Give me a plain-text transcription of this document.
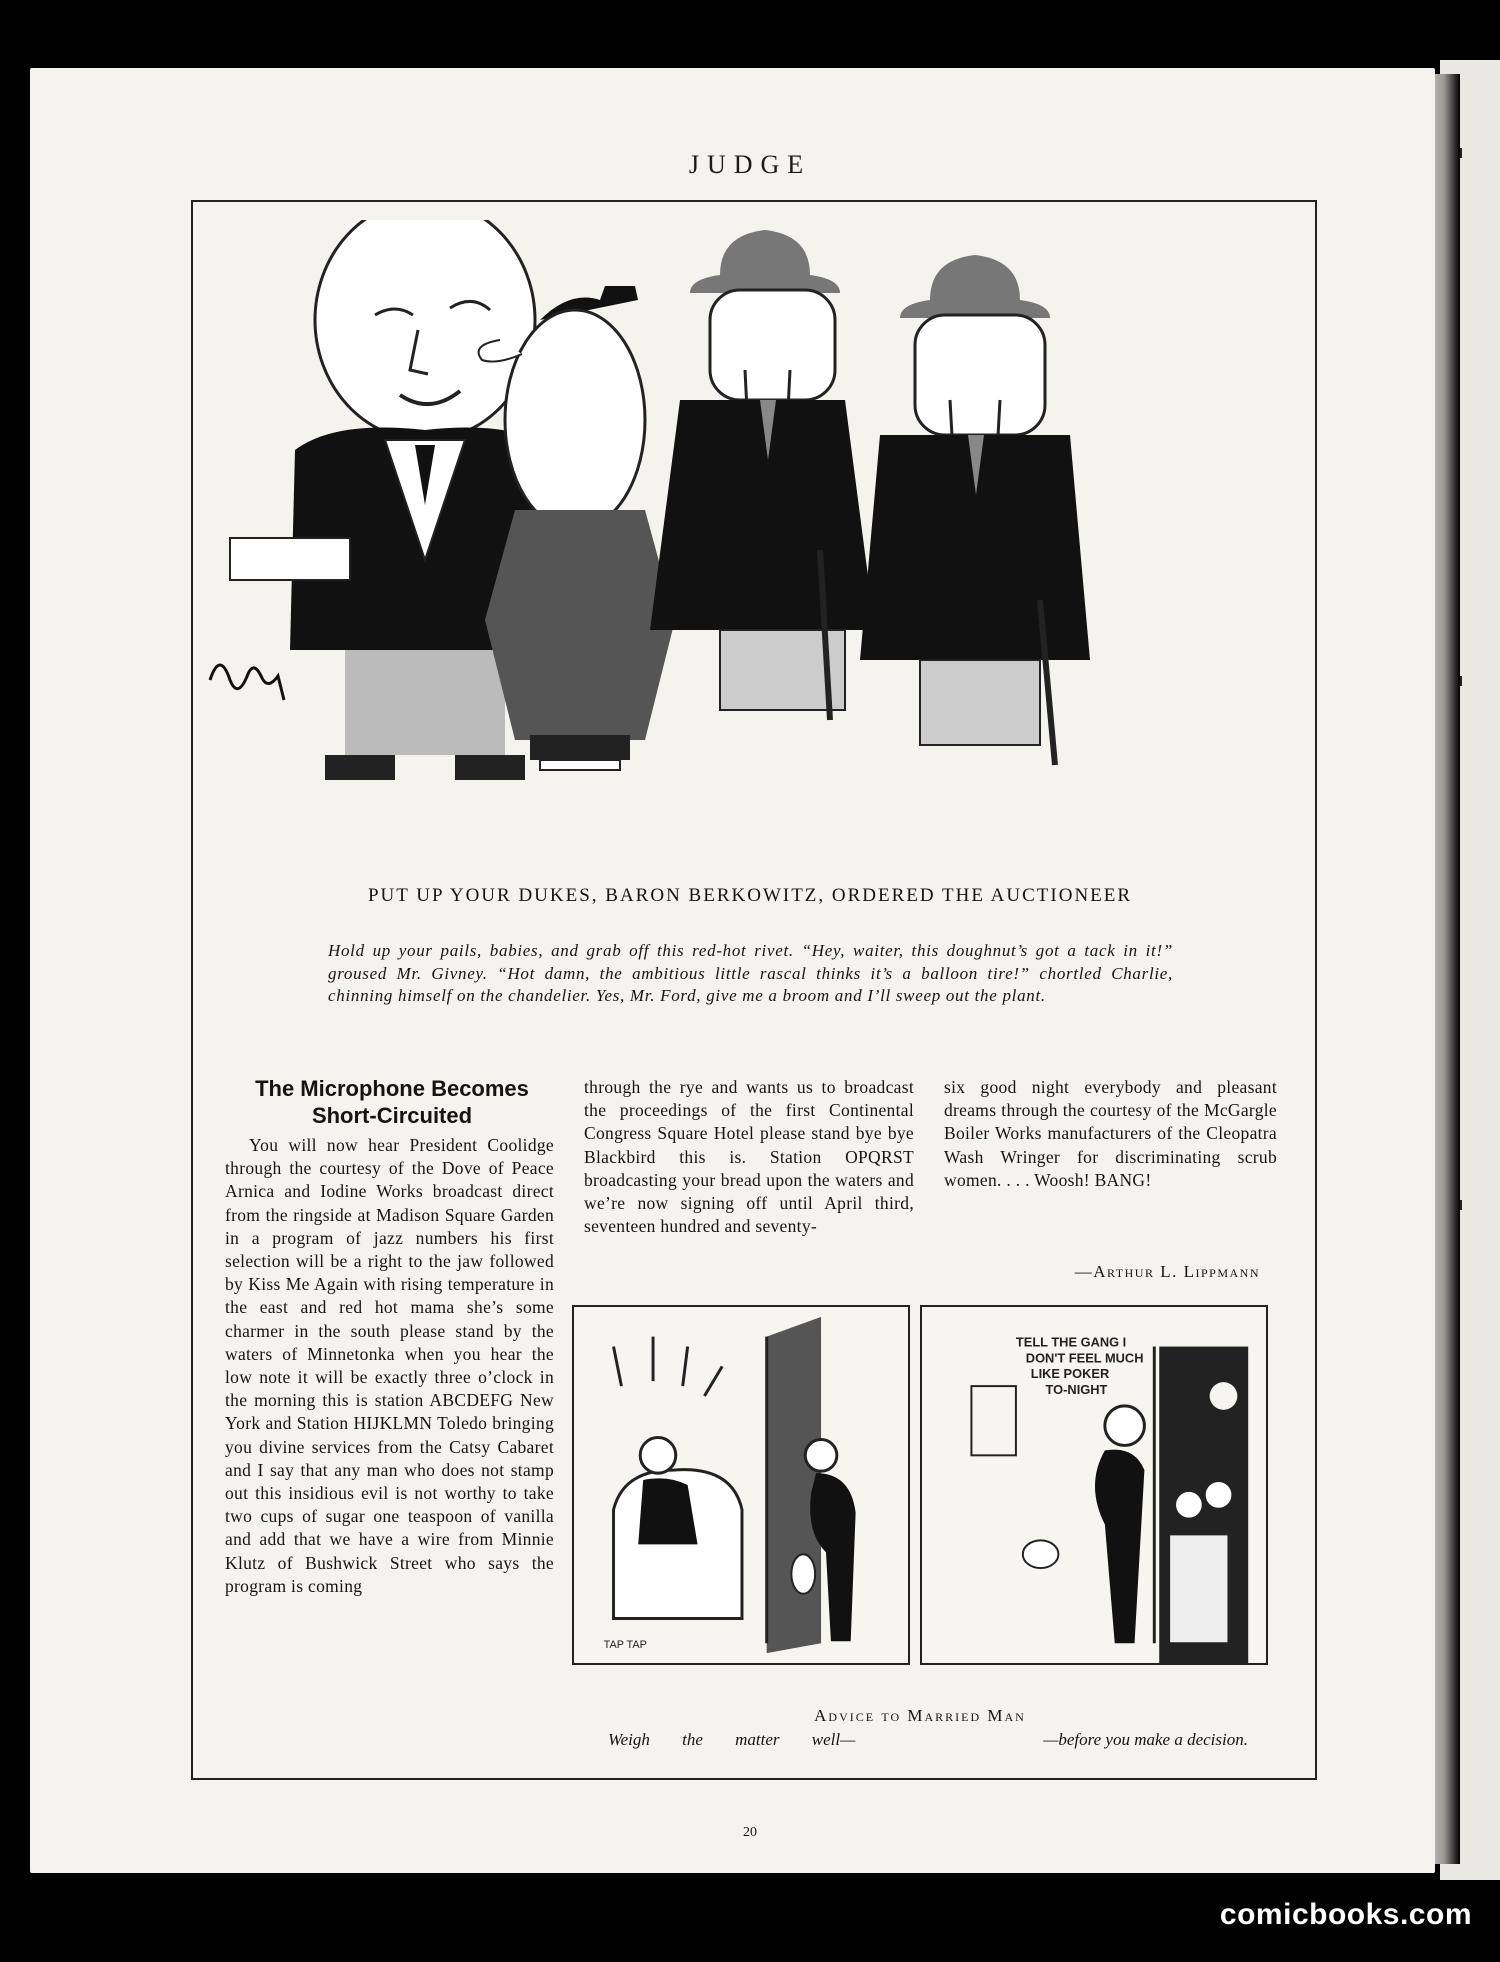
JUDGE
PUT UP YOUR DUKES, BARON BERKOWITZ, ORDERED THE AUCTIONEER
Hold up your pails, babies, and grab off this red-hot rivet. “Hey, waiter, this doughnut’s got a tack in it!” groused Mr. Givney. “Hot damn, the ambitious little rascal thinks it’s a balloon tire!” chortled Charlie, chinning himself on the chandelier. Yes, Mr. Ford, give me a broom and I’ll sweep out the plant.
The Microphone Becomes Short-Circuited
You will now hear President Coolidge through the courtesy of the Dove of Peace Arnica and Iodine Works broadcast direct from the ringside at Madison Square Garden in a program of jazz numbers his first selection will be a right to the jaw followed by Kiss Me Again with rising temperature in the east and red hot mama she’s some charmer in the south please stand by the waters of Minnetonka when you hear the low note it will be exactly three o’clock in the morning this is station ABCDEFG New York and Station HIJKLMN Toledo bringing you divine services from the Catsy Cabaret and I say that any man who does not stamp out this insidious evil is not worthy to take two cups of sugar one teaspoon of vanilla and add that we have a wire from Minnie Klutz of Bushwick Street who says the program is coming
through the rye and wants us to broadcast the proceedings of the first Continental Congress Square Hotel please stand bye bye Blackbird this is. Station OPQRST broadcasting your bread upon the waters and we’re now signing off until April third, seventeen hundred and seventy-
six good night everybody and pleasant dreams through the courtesy of the McGargle Boiler Works manufacturers of the Cleopatra Wash Wringer for discriminating scrub women. . . . Woosh! BANG!
—Arthur L. Lippmann
TAP TAP
TELL THE GANG I
DON'T FEEL MUCH
LIKE POKER
TO-NIGHT
Advice to Married Man
Weigh the matter well—	—before you make a decision.
20
comicbooks.com
